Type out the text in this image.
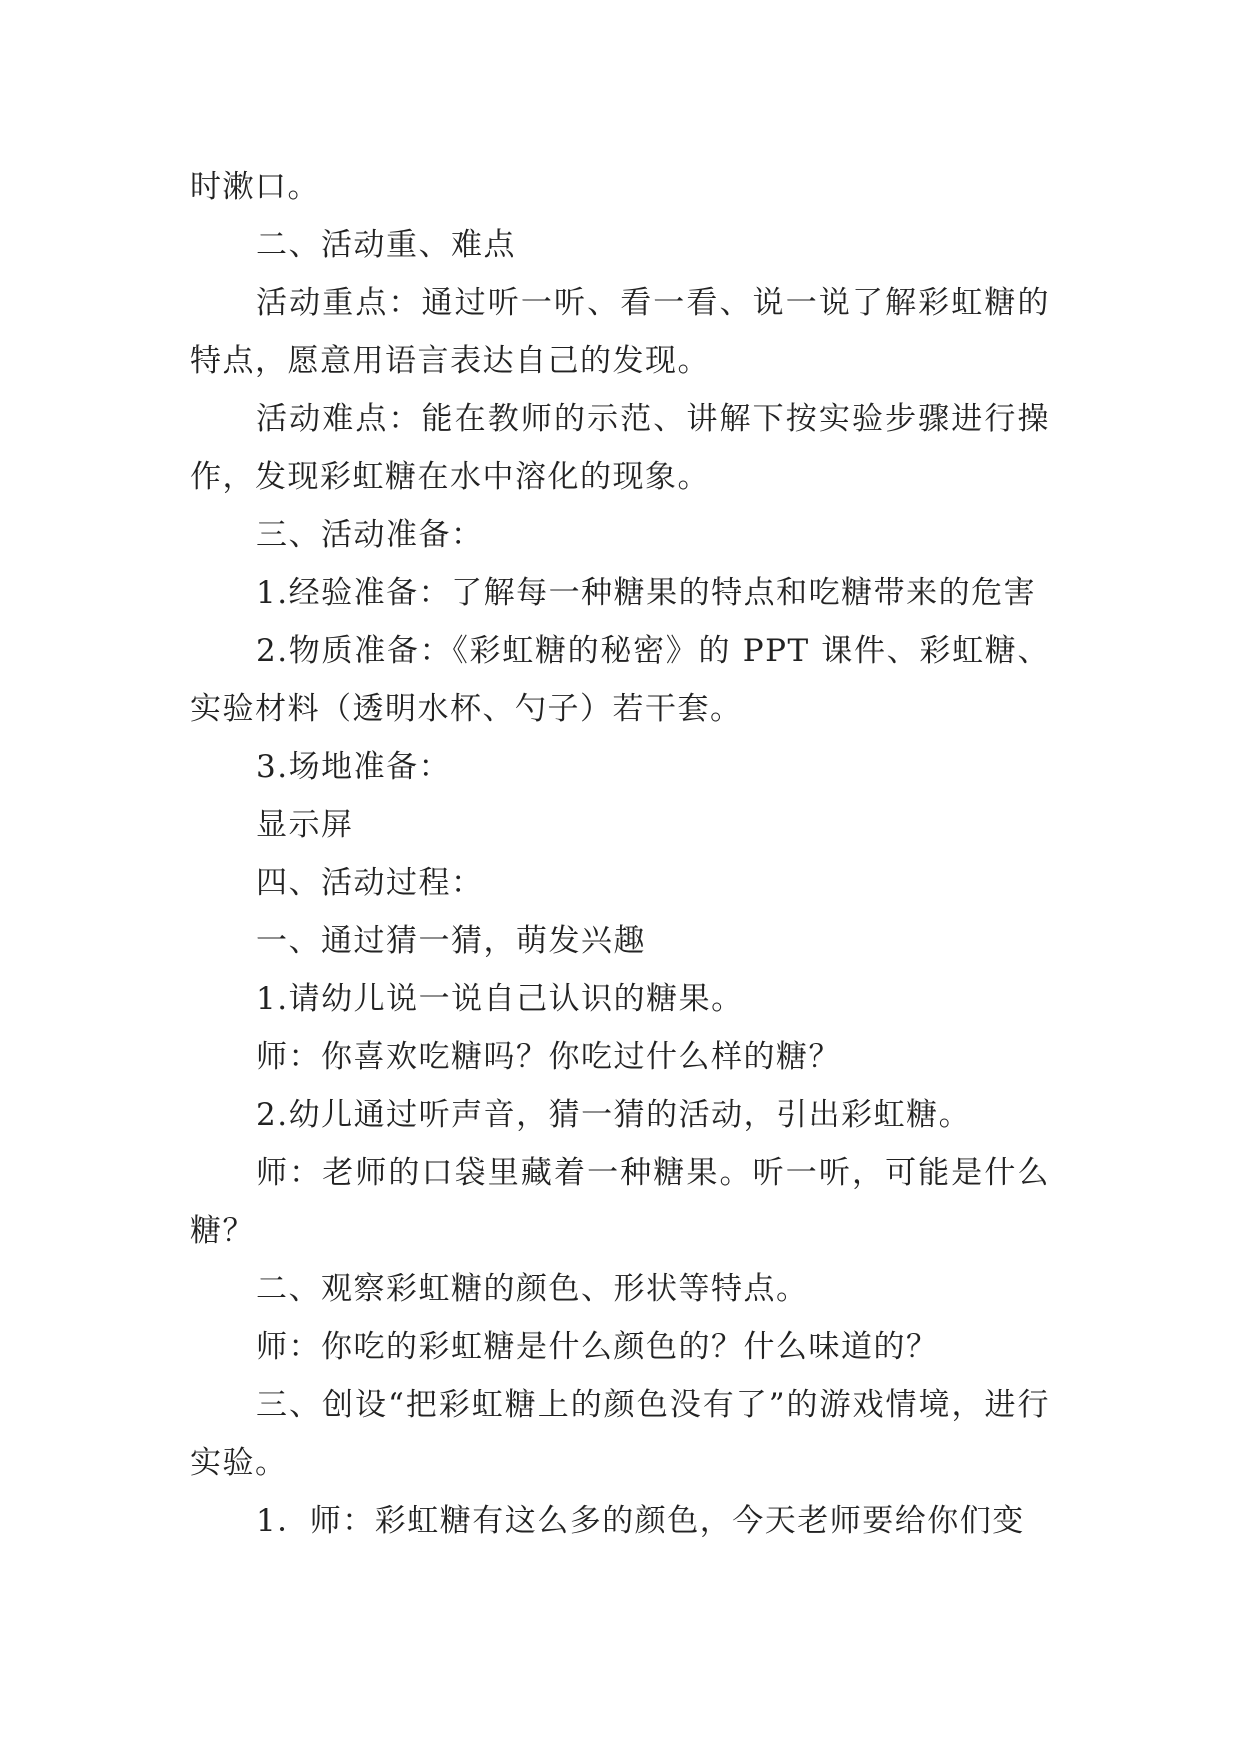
时漱口。

二、活动重、难点

活动重点：通过听一听、看一看、说一说了解彩虹糖的特点，愿意用语言表达自己的发现。

活动难点：能在教师的示范、讲解下按实验步骤进行操作，发现彩虹糖在水中溶化的现象。

三、活动准备：

1.经验准备：了解每一种糖果的特点和吃糖带来的危害

2.物质准备：《彩虹糖的秘密》的 PPT 课件、彩虹糖、实验材料（透明水杯、勺子）若干套。

3.场地准备：

显示屏

四、活动过程：

一、通过猜一猜，萌发兴趣

1.请幼儿说一说自己认识的糖果。

师：你喜欢吃糖吗？你吃过什么样的糖？

2.幼儿通过听声音，猜一猜的活动，引出彩虹糖。

师：老师的口袋里藏着一种糖果。听一听，可能是什么糖？

二、观察彩虹糖的颜色、形状等特点。

师：你吃的彩虹糖是什么颜色的？什么味道的？

三、创设“把彩虹糖上的颜色没有了”的游戏情境，进行实验。

1．师：彩虹糖有这么多的颜色，今天老师要给你们变
